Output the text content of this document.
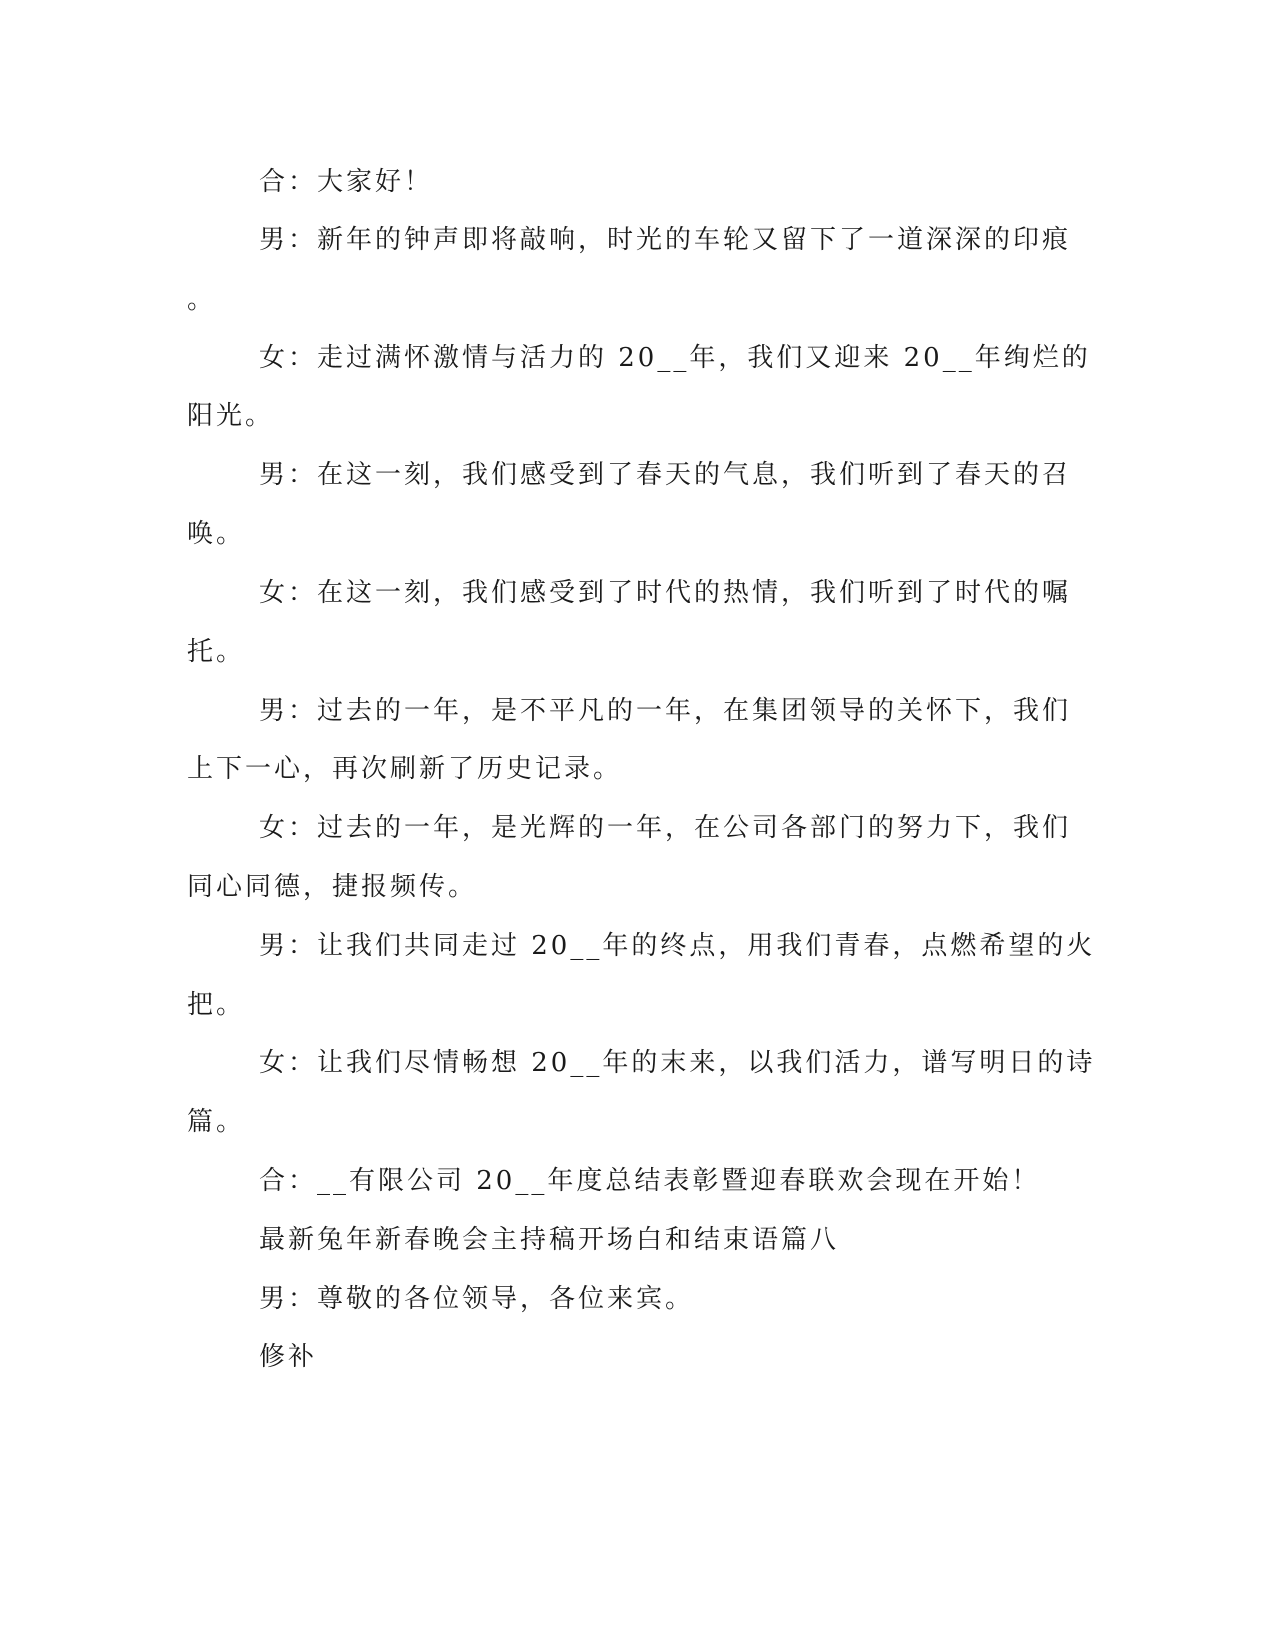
合：大家好！
男：新年的钟声即将敲响，时光的车轮又留下了一道深深的印痕
。
女：走过满怀激情与活力的 20__年，我们又迎来 20__年绚烂的
阳光。
男：在这一刻，我们感受到了春天的气息，我们听到了春天的召
唤。
女：在这一刻，我们感受到了时代的热情，我们听到了时代的嘱
托。
男：过去的一年，是不平凡的一年，在集团领导的关怀下，我们
上下一心，再次刷新了历史记录。
女：过去的一年，是光辉的一年，在公司各部门的努力下，我们
同心同德，捷报频传。
男：让我们共同走过 20__年的终点，用我们青春，点燃希望的火
把。
女：让我们尽情畅想 20__年的末来，以我们活力，谱写明日的诗
篇。
合：__有限公司 20__年度总结表彰暨迎春联欢会现在开始！
最新兔年新春晚会主持稿开场白和结束语篇八
男：尊敬的各位领导，各位来宾。
修补
